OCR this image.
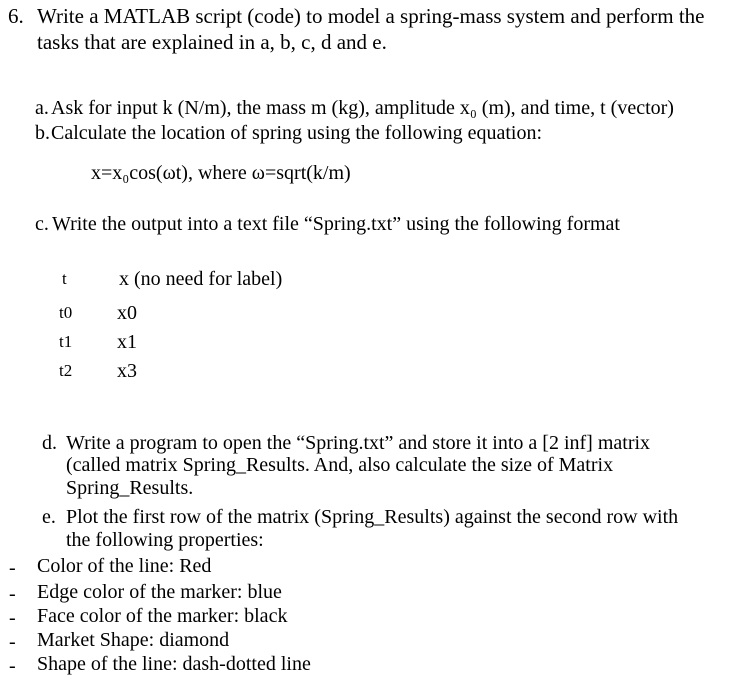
6. Write a MATLAB script (code) to model a spring-mass system and perform the
tasks that are explained in a, b, c, d and e.
a. Ask for input k (N/m), the mass m (kg), amplitude x₀ (m), and time, t (vector)
b. Calculate the location of spring using the following equation:
x=x₀cos(ωt), where ω=sqrt(k/m)
c. Write the output into a text file “Spring.txt” using the following format
t	x (no need for label)
t0 x0
t1 x1
t2 x3
d. Write a program to open the “Spring.txt” and store it into a [2 inf] matrix
(called matrix Spring_Results. And, also calculate the size of Matrix
Spring_Results.
e. Plot the first row of the matrix (Spring_Results) against the second row with
the following properties:
- Color of the line: Red
- Edge color of the marker: blue
- Face color of the marker: black
- Market Shape: diamond
- Shape of the line: dash-dotted line
